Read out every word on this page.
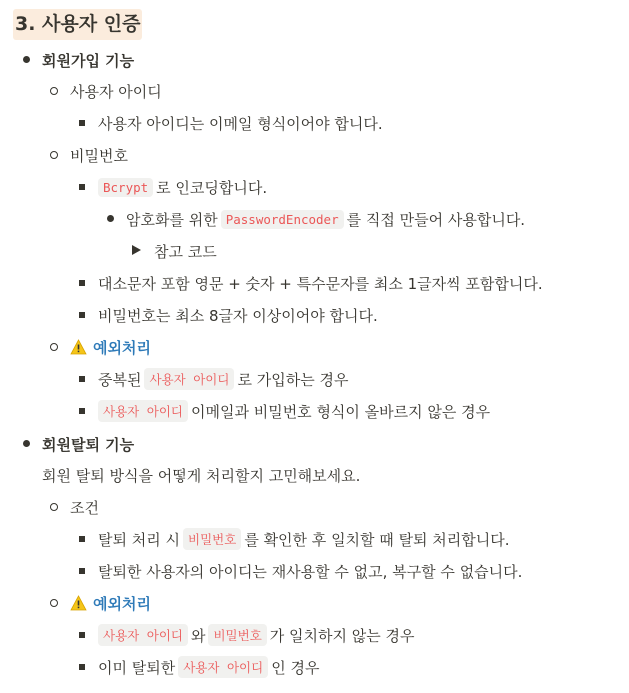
3. 사용자 인증
회원가입 기능
사용자 아이디
사용자 아이디는 이메일 형식이어야 합니다.
비밀번호
Bcrypt 로 인코딩합니다.
암호화를 위한 PasswordEncoder 를 직접 만들어 사용합니다.
참고 코드
대소문자 포함 영문 + 숫자 + 특수문자를 최소 1글자씩 포함합니다.
비밀번호는 최소 8글자 이상이어야 합니다.
예외처리
중복된 사용자 아이디 로 가입하는 경우
사용자 아이디 이메일과 비밀번호 형식이 올바르지 않은 경우
회원탈퇴 기능
회원 탈퇴 방식을 어떻게 처리할지 고민해보세요.
조건
탈퇴 처리 시 비밀번호 를 확인한 후 일치할 때 탈퇴 처리합니다.
탈퇴한 사용자의 아이디는 재사용할 수 없고, 복구할 수 없습니다.
예외처리
사용자 아이디 와 비밀번호 가 일치하지 않는 경우
이미 탈퇴한 사용자 아이디 인 경우
